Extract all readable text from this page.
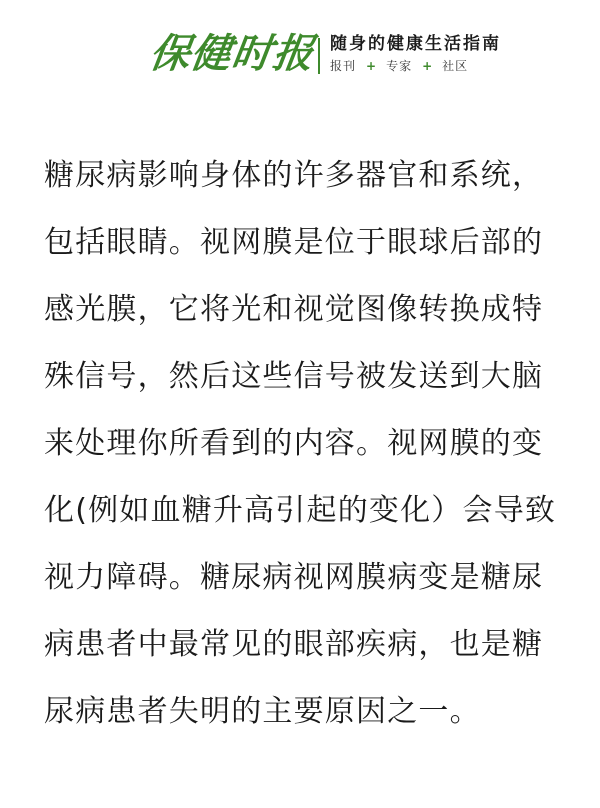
保健时报 随身的健康生活指南
报刊 + 专家 + 社区

糖尿病影响身体的许多器官和系统，包括眼睛。视网膜是位于眼球后部的感光膜，它将光和视觉图像转换成特殊信号，然后这些信号被发送到大脑来处理你所看到的内容。视网膜的变化(例如血糖升高引起的变化）会导致视力障碍。糖尿病视网膜病变是糖尿病患者中最常见的眼部疾病，也是糖尿病患者失明的主要原因之一。
